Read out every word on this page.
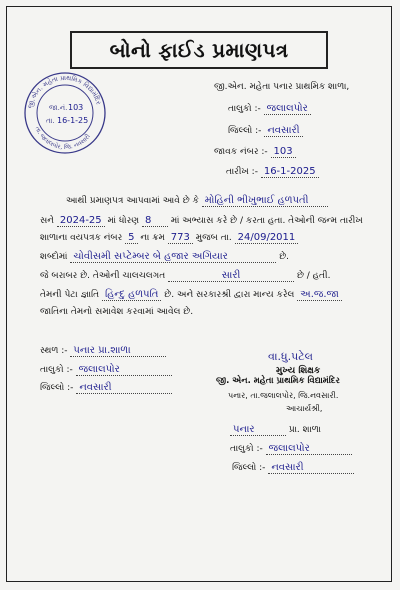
બોનો ફાઈડ પ્રમાણપત્ર
જી.એન. મહેતા પ્રાથમિક વિદ્યામંદિર
તા. જલાલપોર, જિ. નવસારી
જા.નં. 103
તા. 16-1-25
જી.એન. મહેતા પનાર પ્રાથમિક શાળા,
તાલુકો :- જલાલપોર
જિલ્લો :- નવસારી
જાવક નંબર :- 103
તારીખ :- 16-1-2025
આથી પ્રમાણપત્ર આપવામાં આવે છે કે મોહિની ભીખુભાઈ હળપતી
સને 2024-25 માં ધોરણ 8 માં અભ્યાસ કરે છે / કરતા હતા. તેઓની જન્મ તારીખ
શાળાના વયપત્રક નંબર 5 ના ક્રમ 773 મુજબ તા. 24/09/2011
શબ્દોમાં ચોવીસમી સપ્ટેમ્બર બે હજાર અગિયાર	છે.
જે બરાબર છે. તેઓની ચાલચલગત	સારી	છે / હતી.
તેમની પેટા જ્ઞાતિ હિન્દુ હળપતિ છે. અને સરકારશ્રી દ્વારા માન્ય કરેલ અ.જ.જા
જાતિના તેમનો સમાવેશ કરવામાં આવેલ છે.
સ્થળ :- પનાર પ્રા.શાળા
તાલુકો :- જલાલપોર
જિલ્લો :- નવસારી
વા.ધુ.પટેલ
મુખ્ય શિક્ષક
જી. એન. મહેતા પ્રાથમિક વિદ્યામંદિર
પનાર, તા.જલાલપોર, જિ.નવસારી.
આચાર્યશ્રી,
પનાર	પ્રા. શાળા
તાલુકો :- જલાલપોર
જિલ્લો :- નવસારી
